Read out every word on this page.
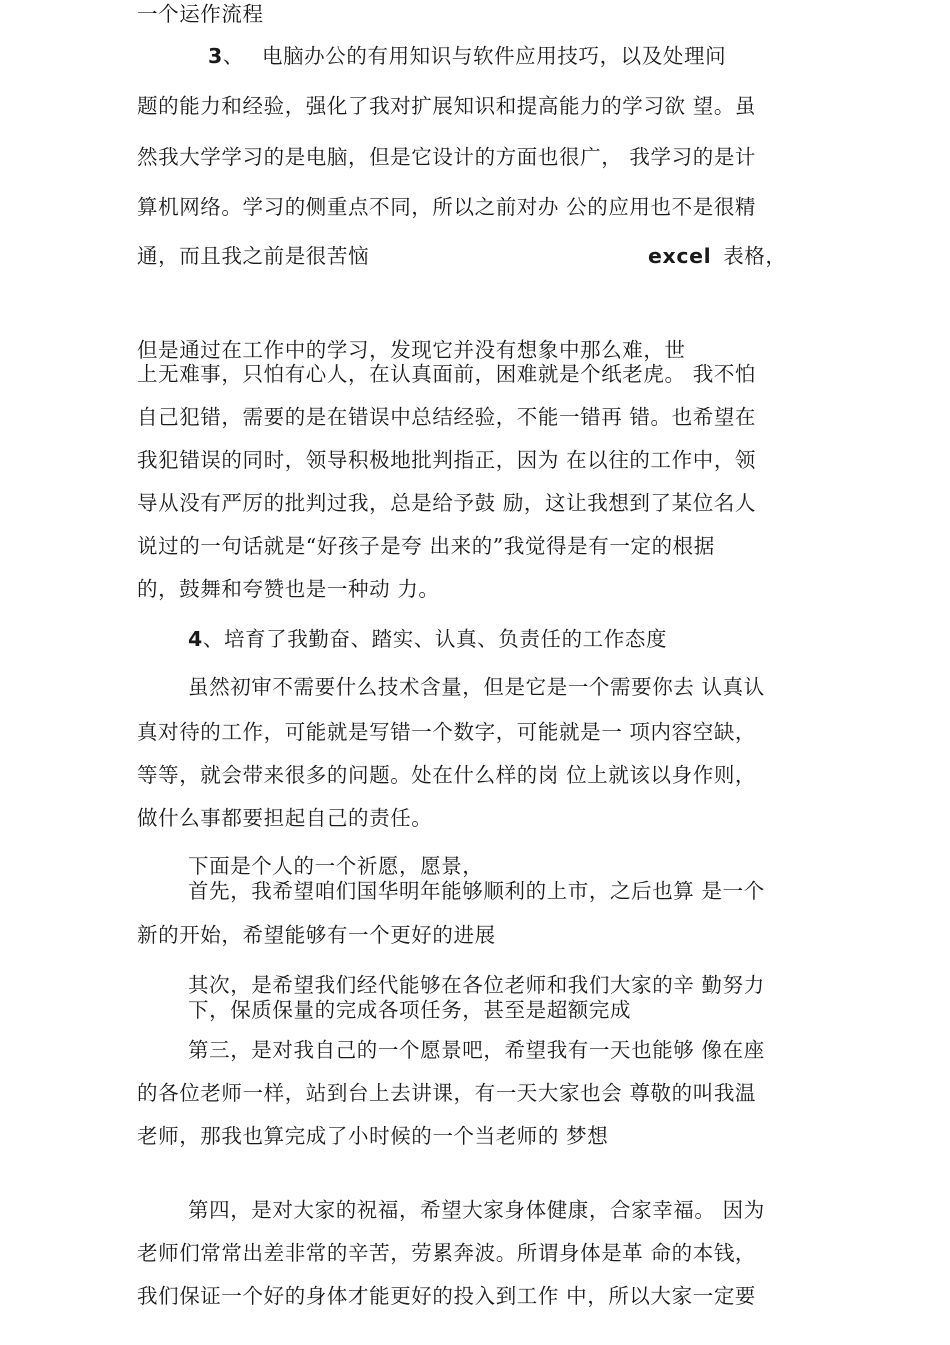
一个运作流程
3、 电脑办公的有用知识与软件应用技巧，以及处理问
题的能力和经验，强化了我对扩展知识和提高能力的学习欲 望。虽
然我大学学习的是电脑，但是它设计的方面也很广， 我学习的是计
算机网络。学习的侧重点不同，所以之前对办 公的应用也不是很精
通，而且我之前是很苦恼	excel 表格，
但是通过在工作中的学习，发现它并没有想象中那么难，世
上无难事，只怕有心人，在认真面前，困难就是个纸老虎。 我不怕
自己犯错，需要的是在错误中总结经验，不能一错再 错。也希望在
我犯错误的同时，领导积极地批判指正，因为 在以往的工作中，领
导从没有严厉的批判过我，总是给予鼓 励，这让我想到了某位名人
说过的一句话就是“好孩子是夸 出来的”我觉得是有一定的根据
的，鼓舞和夸赞也是一种动 力。
4、培育了我勤奋、踏实、认真、负责任的工作态度
虽然初审不需要什么技术含量，但是它是一个需要你去 认真认
真对待的工作，可能就是写错一个数字，可能就是一 项内容空缺，
等等，就会带来很多的问题。处在什么样的岗 位上就该以身作则，
做什么事都要担起自己的责任。
下面是个人的一个祈愿，愿景，
首先，我希望咱们国华明年能够顺利的上市，之后也算 是一个
新的开始，希望能够有一个更好的进展
其次，是希望我们经代能够在各位老师和我们大家的辛 勤努力
下，保质保量的完成各项任务，甚至是超额完成
第三，是对我自己的一个愿景吧，希望我有一天也能够 像在座
的各位老师一样，站到台上去讲课，有一天大家也会 尊敬的叫我温
老师，那我也算完成了小时候的一个当老师的 梦想
第四，是对大家的祝福，希望大家身体健康，合家幸福。 因为
老师们常常出差非常的辛苦，劳累奔波。所谓身体是革 命的本钱，
我们保证一个好的身体才能更好的投入到工作 中，所以大家一定要
